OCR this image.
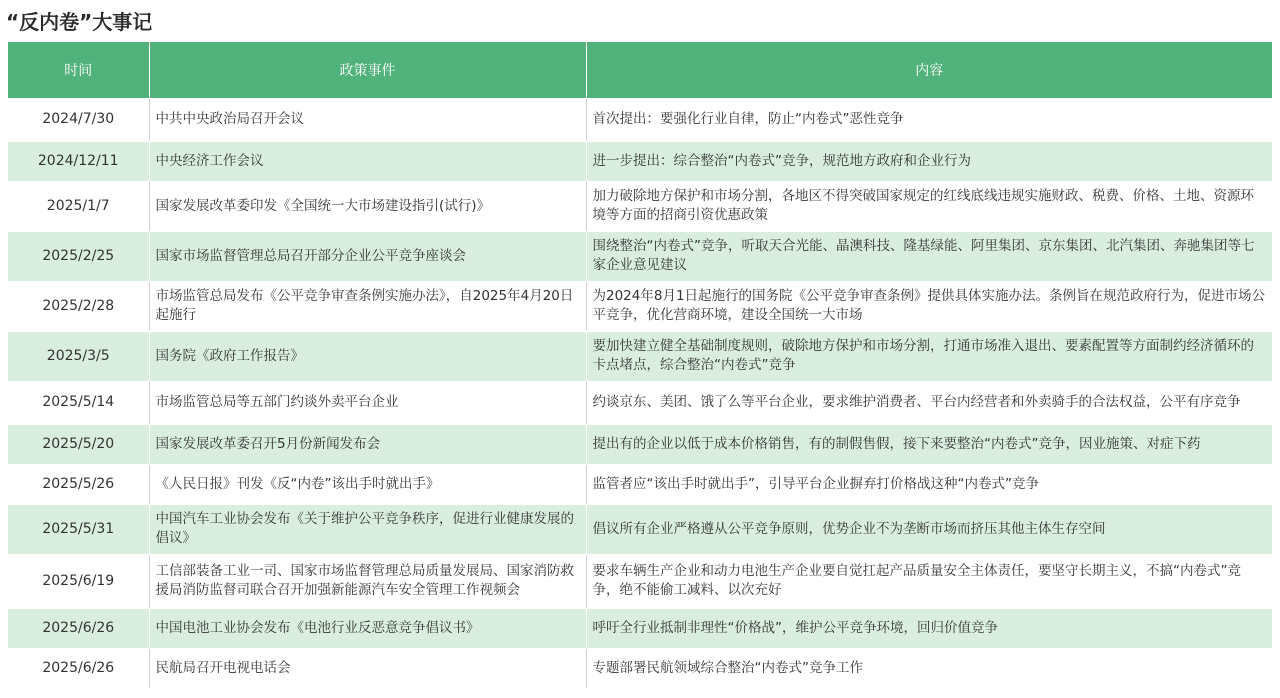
“反内卷”大事记
时间	政策事件	内容
2024/7/30	中共中央政治局召开会议	首次提出：要强化行业自律，防止“内卷式”恶性竞争
2024/12/11	中央经济工作会议	进一步提出：综合整治“内卷式”竞争，规范地方政府和企业行为
2025/1/7	国家发展改革委印发《全国统一大市场建设指引(试行)》	加力破除地方保护和市场分割，各地区不得突破国家规定的红线底线违规实施财政、税费、价格、土地、资源环境等方面的招商引资优惠政策
2025/2/25	国家市场监督管理总局召开部分企业公平竞争座谈会	围绕整治“内卷式”竞争，听取天合光能、晶澳科技、隆基绿能、阿里集团、京东集团、北汽集团、奔驰集团等七家企业意见建议
2025/2/28	市场监管总局发布《公平竞争审查条例实施办法》，自2025年4月20日起施行	为2024年8月1日起施行的国务院《公平竞争审查条例》提供具体实施办法。条例旨在规范政府行为，促进市场公平竞争，优化营商环境，建设全国统一大市场
2025/3/5	国务院《政府工作报告》	要加快建立健全基础制度规则，破除地方保护和市场分割，打通市场准入退出、要素配置等方面制约经济循环的卡点堵点，综合整治“内卷式”竞争
2025/5/14	市场监管总局等五部门约谈外卖平台企业	约谈京东、美团、饿了么等平台企业，要求维护消费者、平台内经营者和外卖骑手的合法权益，公平有序竞争
2025/5/20	国家发展改革委召开5月份新闻发布会	提出有的企业以低于成本价格销售，有的制假售假，接下来要整治“内卷式”竞争，因业施策、对症下药
2025/5/26	《人民日报》刊发《反“内卷”该出手时就出手》	监管者应“该出手时就出手”，引导平台企业摒弃打价格战这种“内卷式”竞争
2025/5/31	中国汽车工业协会发布《关于维护公平竞争秩序，促进行业健康发展的倡议》	倡议所有企业严格遵从公平竞争原则，优势企业不为垄断市场而挤压其他主体生存空间
2025/6/19	工信部装备工业一司、国家市场监督管理总局质量发展局、国家消防救援局消防监督司联合召开加强新能源汽车安全管理工作视频会	要求车辆生产企业和动力电池生产企业要自觉扛起产品质量安全主体责任，要坚守长期主义，不搞“内卷式”竞争，绝不能偷工减料、以次充好
2025/6/26	中国电池工业协会发布《电池行业反恶意竞争倡议书》	呼吁全行业抵制非理性“价格战”，维护公平竞争环境，回归价值竞争
2025/6/26	民航局召开电视电话会	专题部署民航领域综合整治“内卷式”竞争工作
